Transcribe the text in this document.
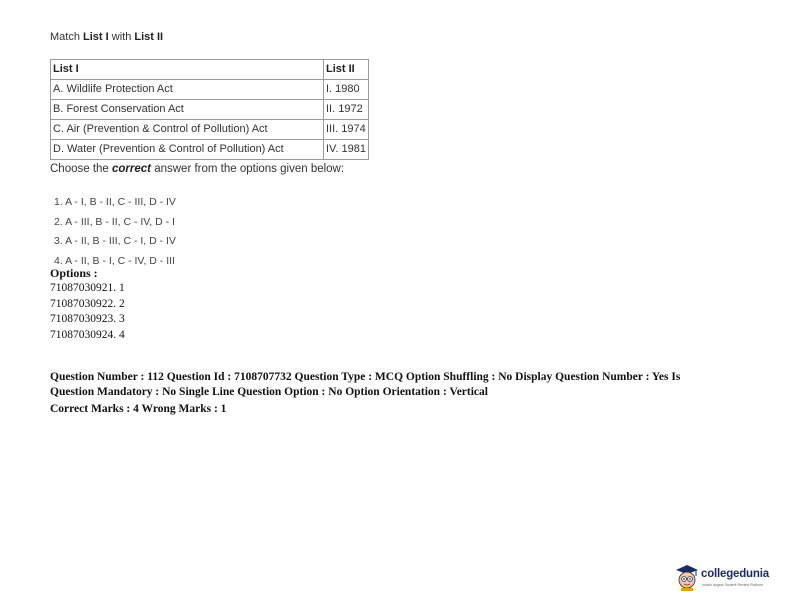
Match List I with List II
List I	List II
A. Wildlife Protection Act	I. 1980
B. Forest Conservation Act	II. 1972
C. Air (Prevention & Control of Pollution) Act	III. 1974
D. Water (Prevention & Control of Pollution) Act	IV. 1981
Choose the correct answer from the options given below:
1. A - I, B - II, C - III, D - IV
2. A - III, B - II, C - IV, D - I
3. A - II, B - III, C - I, D - IV
4. A - II, B - I, C - IV, D - III
Options :
71087030921. 1
71087030922. 2
71087030923. 3
71087030924. 4
Question Number : 112 Question Id : 7108707732 Question Type : MCQ Option Shuffling : No Display Question Number : Yes Is
Question Mandatory : No Single Line Question Option : No Option Orientation : Vertical
Correct Marks : 4 Wrong Marks : 1
collegedunia
India's largest Student Review Platform
